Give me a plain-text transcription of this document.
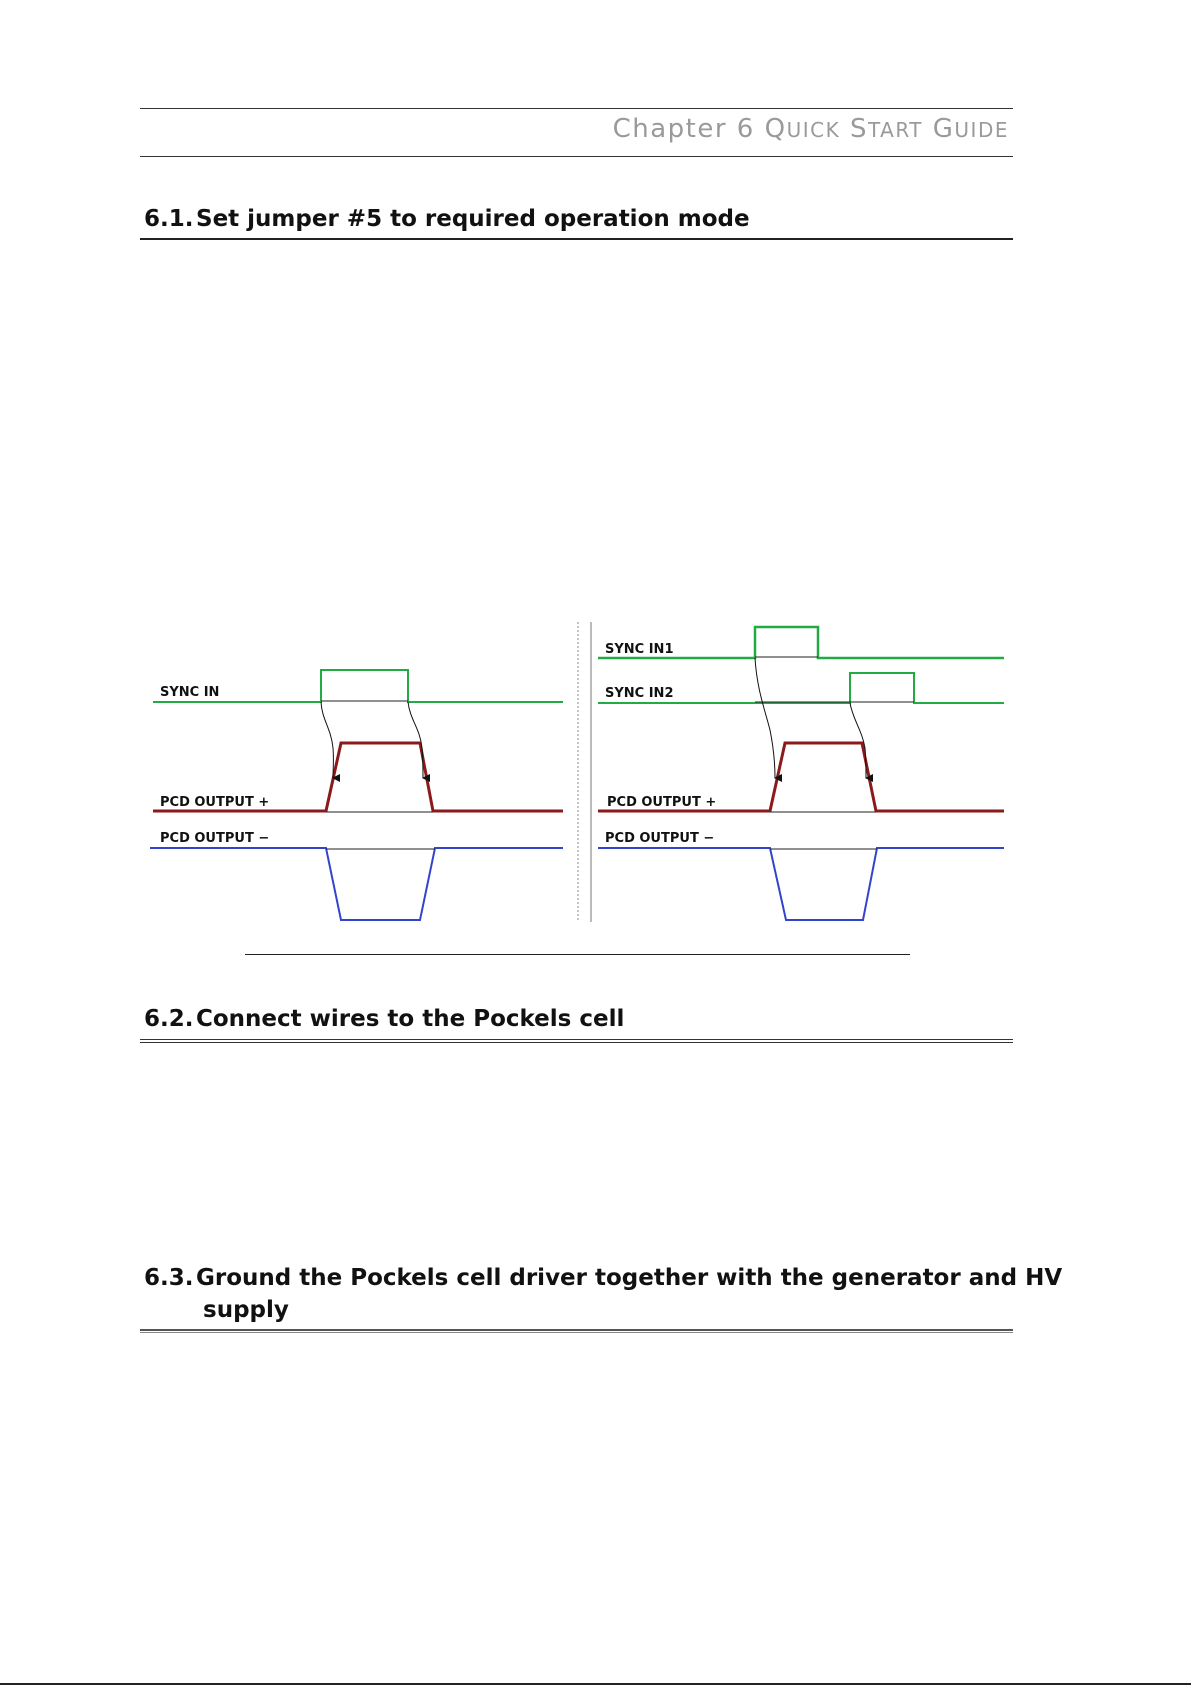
Chapter 6 QUICK START GUIDE
6.1. Set jumper #5 to required operation mode
SYNC IN
PCD OUTPUT +
PCD OUTPUT −
SYNC IN1
SYNC IN2
PCD OUTPUT +
PCD OUTPUT −
6.2. Connect wires to the Pockels cell
6.3. Ground the Pockels cell driver together with the generator and HV
supply
